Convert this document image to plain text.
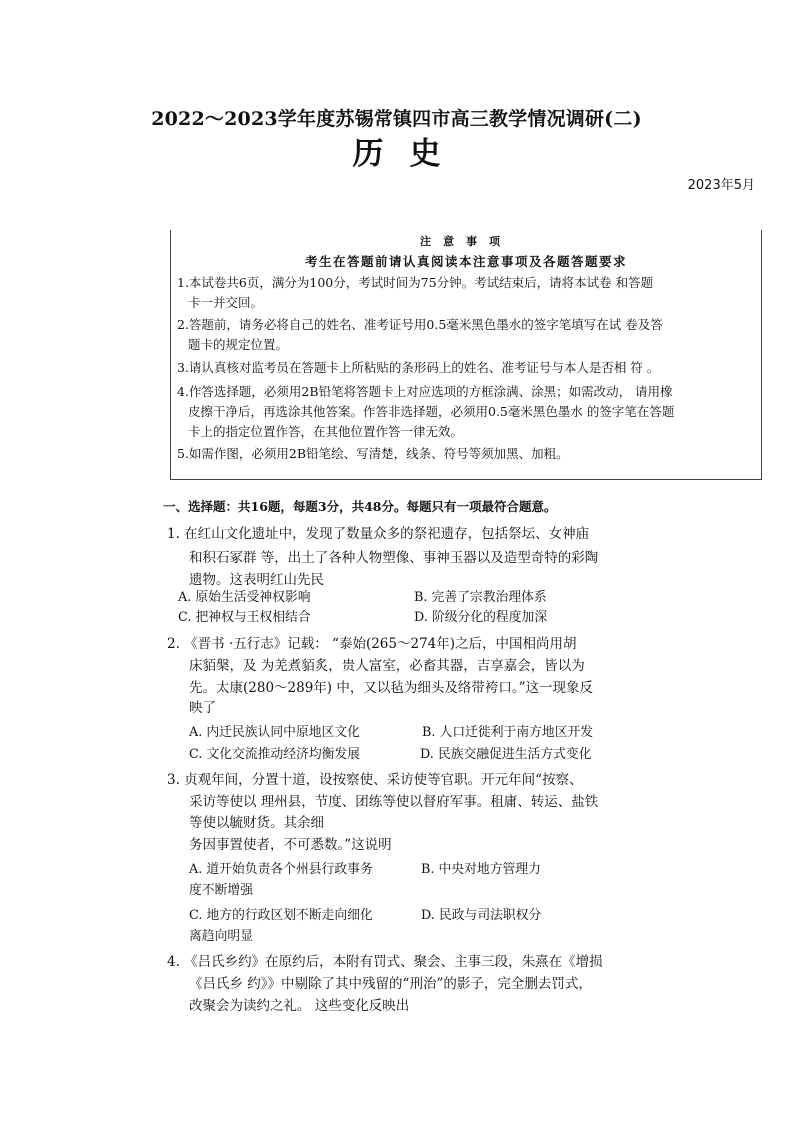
2022～2023学年度苏锡常镇四市高三教学情况调研(二)
历史
2023年5月
注意事项
考生在答题前请认真阅读本注意事项及各题答题要求
1.本试卷共6页，满分为100分，考试时间为75分钟。考试结束后，请将本试卷 和答题
卡一并交回。
2.答题前，请务必将自己的姓名、准考证号用0.5毫米黑色墨水的签字笔填写在试 卷及答
题卡的规定位置。
3.请认真核对监考员在答题卡上所粘贴的条形码上的姓名、准考证号与本人是否相 符 。
4.作答选择题，必须用2B铅笔将答题卡上对应选项的方框涂满、涂黑；如需改动， 请用橡
皮擦干净后，再选涂其他答案。作答非选择题，必须用0.5毫米黑色墨水 的签字笔在答题
卡上的指定位置作答，在其他位置作答一律无效。
5.如需作图，必须用2B铅笔绘、写清楚，线条、符号等须加黑、加粗。
一、选择题：共16题，每题3分，共48分。每题只有一项最符合题意。
1. 在红山文化遗址中，发现了数量众多的祭祀遗存，包括祭坛、女神庙
和积石冢群 等，出土了各种人物塑像、事神玉器以及造型奇特的彩陶
遗物。这表明红山先民
A. 原始生活受神权影响	B. 完善了宗教治理体系
C. 把神权与王权相结合	D. 阶级分化的程度加深
2. 《晋书 ·五行志》记载： “泰始(265～274年)之后，中国相尚用胡
床貊槃，及 为羌煮貊炙，贵人富室，必畜其器，吉享嘉会，皆以为
先。太康(280～289年) 中，又以毡为细头及络带袴口。”这一现象反
映了
A. 内迁民族认同中原地区文化	B. 人口迁徙利于南方地区开发
C. 文化交流推动经济均衡发展	D. 民族交融促进生活方式变化
3. 贞观年间，分置十道，设按察使、采访使等官职。开元年间“按察、
采访等使以 理州县，节度、团练等使以督府军事。租庸、转运、盐铁
等使以毓财货。其余细
务因事置使者，不可悉数。”这说明
A. 道开始负责各个州县行政事务	B. 中央对地方管理力
度不断增强
C. 地方的行政区划不断走向细化	D. 民政与司法职权分
离趋向明显
4. 《吕氏乡约》在原约后，本附有罚式、聚会、主事三段，朱熹在《增损
《吕氏乡 约》》中剔除了其中残留的“刑治”的影子，完全删去罚式，
改聚会为读约之礼。 这些变化反映出
